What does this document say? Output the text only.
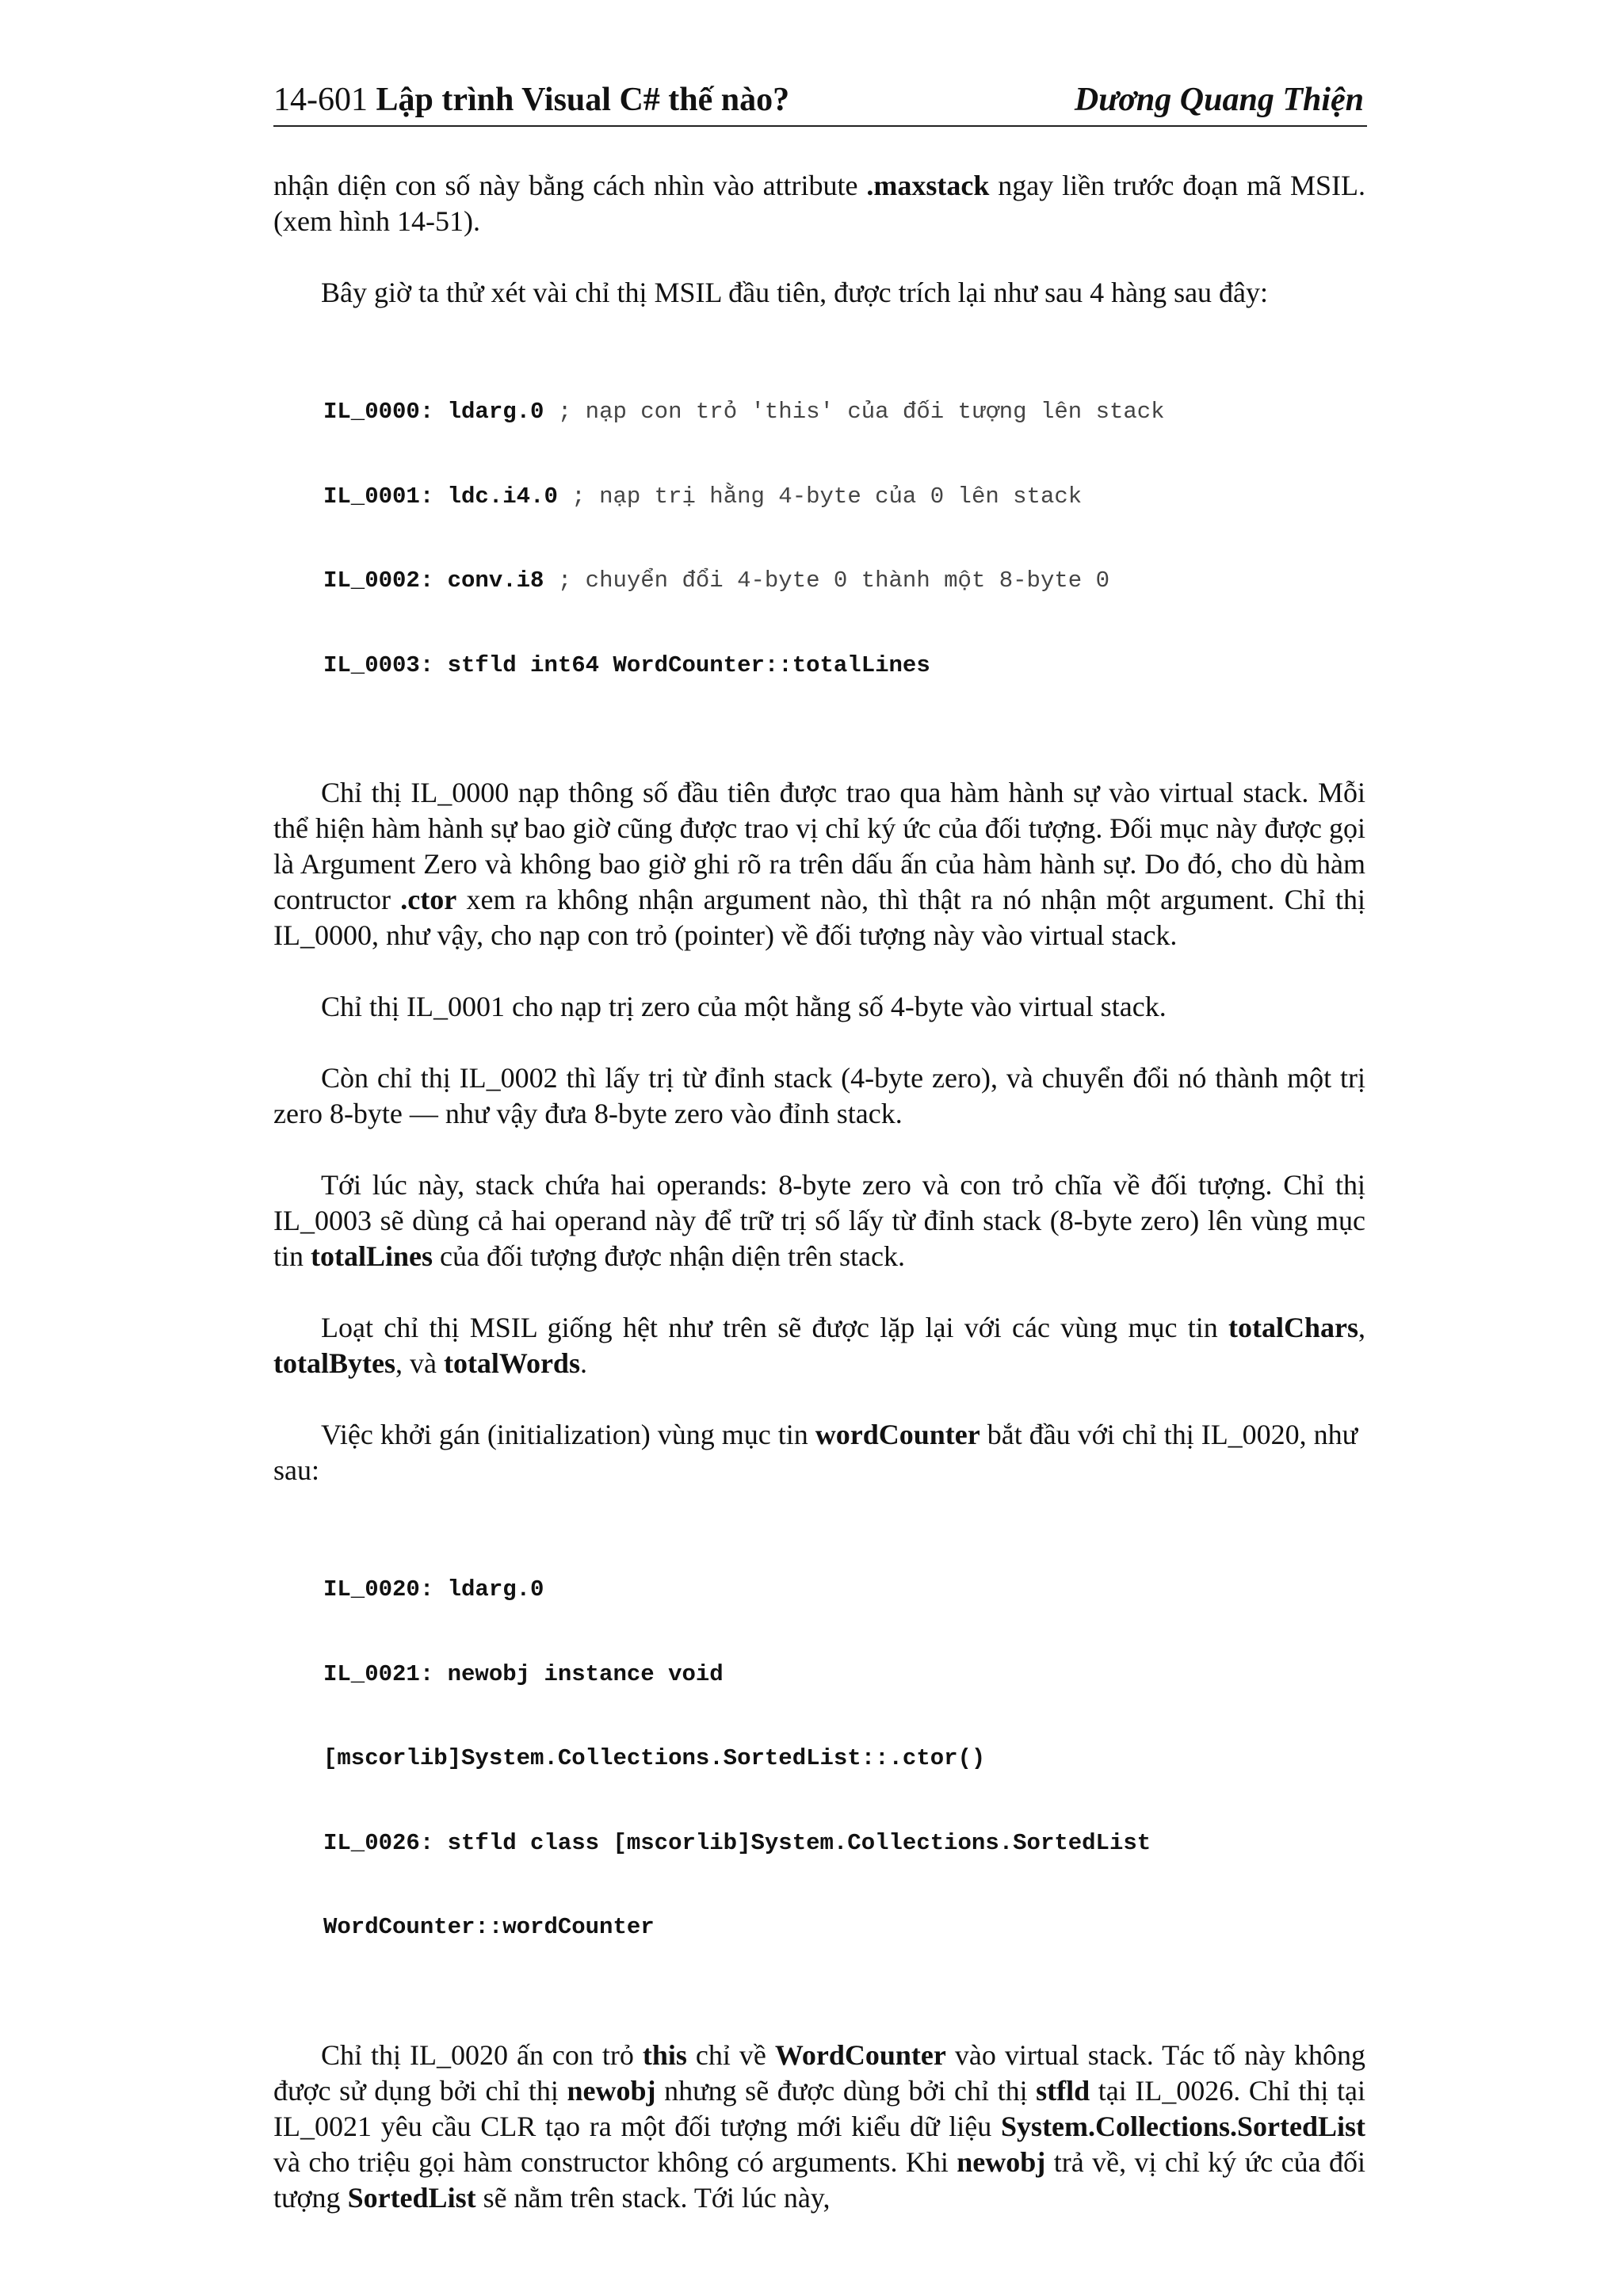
14-601 Lập trình Visual C# thế nào?	Dương Quang Thiện

nhận diện con số này bằng cách nhìn vào attribute .maxstack ngay liền trước đoạn mã MSIL. (xem hình 14-51).

Bây giờ ta thử xét vài chỉ thị MSIL đầu tiên, được trích lại như sau 4 hàng sau đây:

IL_0000: ldarg.0 ; nạp con trỏ 'this' của đối tượng lên stack

IL_0001: ldc.i4.0 ; nạp trị hằng 4-byte của 0 lên stack

IL_0002: conv.i8 ; chuyển đổi 4-byte 0 thành một 8-byte 0

IL_0003: stfld int64 WordCounter::totalLines

Chỉ thị IL_0000 nạp thông số đầu tiên được trao qua hàm hành sự vào virtual stack. Mỗi thể hiện hàm hành sự bao giờ cũng được trao vị chỉ ký ức của đối tượng. Đối mục này được gọi là Argument Zero và không bao giờ ghi rõ ra trên dấu ấn của hàm hành sự. Do đó, cho dù hàm contructor .ctor xem ra không nhận argument nào, thì thật ra nó nhận một argument. Chỉ thị IL_0000, như vậy, cho nạp con trỏ (pointer) về đối tượng này vào virtual stack.

Chỉ thị IL_0001 cho nạp trị zero của một hằng số 4-byte vào virtual stack.

Còn chỉ thị IL_0002 thì lấy trị từ đỉnh stack (4-byte zero), và chuyển đổi nó thành một trị zero 8-byte — như vậy đưa 8-byte zero vào đỉnh stack.

Tới lúc này, stack chứa hai operands: 8-byte zero và con trỏ chĩa về đối tượng. Chỉ thị IL_0003 sẽ dùng cả hai operand này để trữ trị số lấy từ đỉnh stack (8-byte zero) lên vùng mục tin totalLines của đối tượng được nhận diện trên stack.

Loạt chỉ thị MSIL giống hệt như trên sẽ được lặp lại với các vùng mục tin totalChars, totalBytes, và totalWords.

Việc khởi gán (initialization) vùng mục tin wordCounter bắt đầu với chỉ thị IL_0020, như sau:

IL_0020: ldarg.0

IL_0021: newobj instance void

[mscorlib]System.Collections.SortedList::.ctor()

IL_0026: stfld class [mscorlib]System.Collections.SortedList

WordCounter::wordCounter

Chỉ thị IL_0020 ấn con trỏ this chỉ về WordCounter vào virtual stack. Tác tố này không được sử dụng bởi chỉ thị newobj nhưng sẽ được dùng bởi chỉ thị stfld tại IL_0026. Chỉ thị tại IL_0021 yêu cầu CLR tạo ra một đối tượng mới kiểu dữ liệu System.Collections.SortedList và cho triệu gọi hàm constructor không có arguments. Khi newobj trả về, vị chỉ ký ức của đối tượng SortedList sẽ nằm trên stack. Tới lúc này,
